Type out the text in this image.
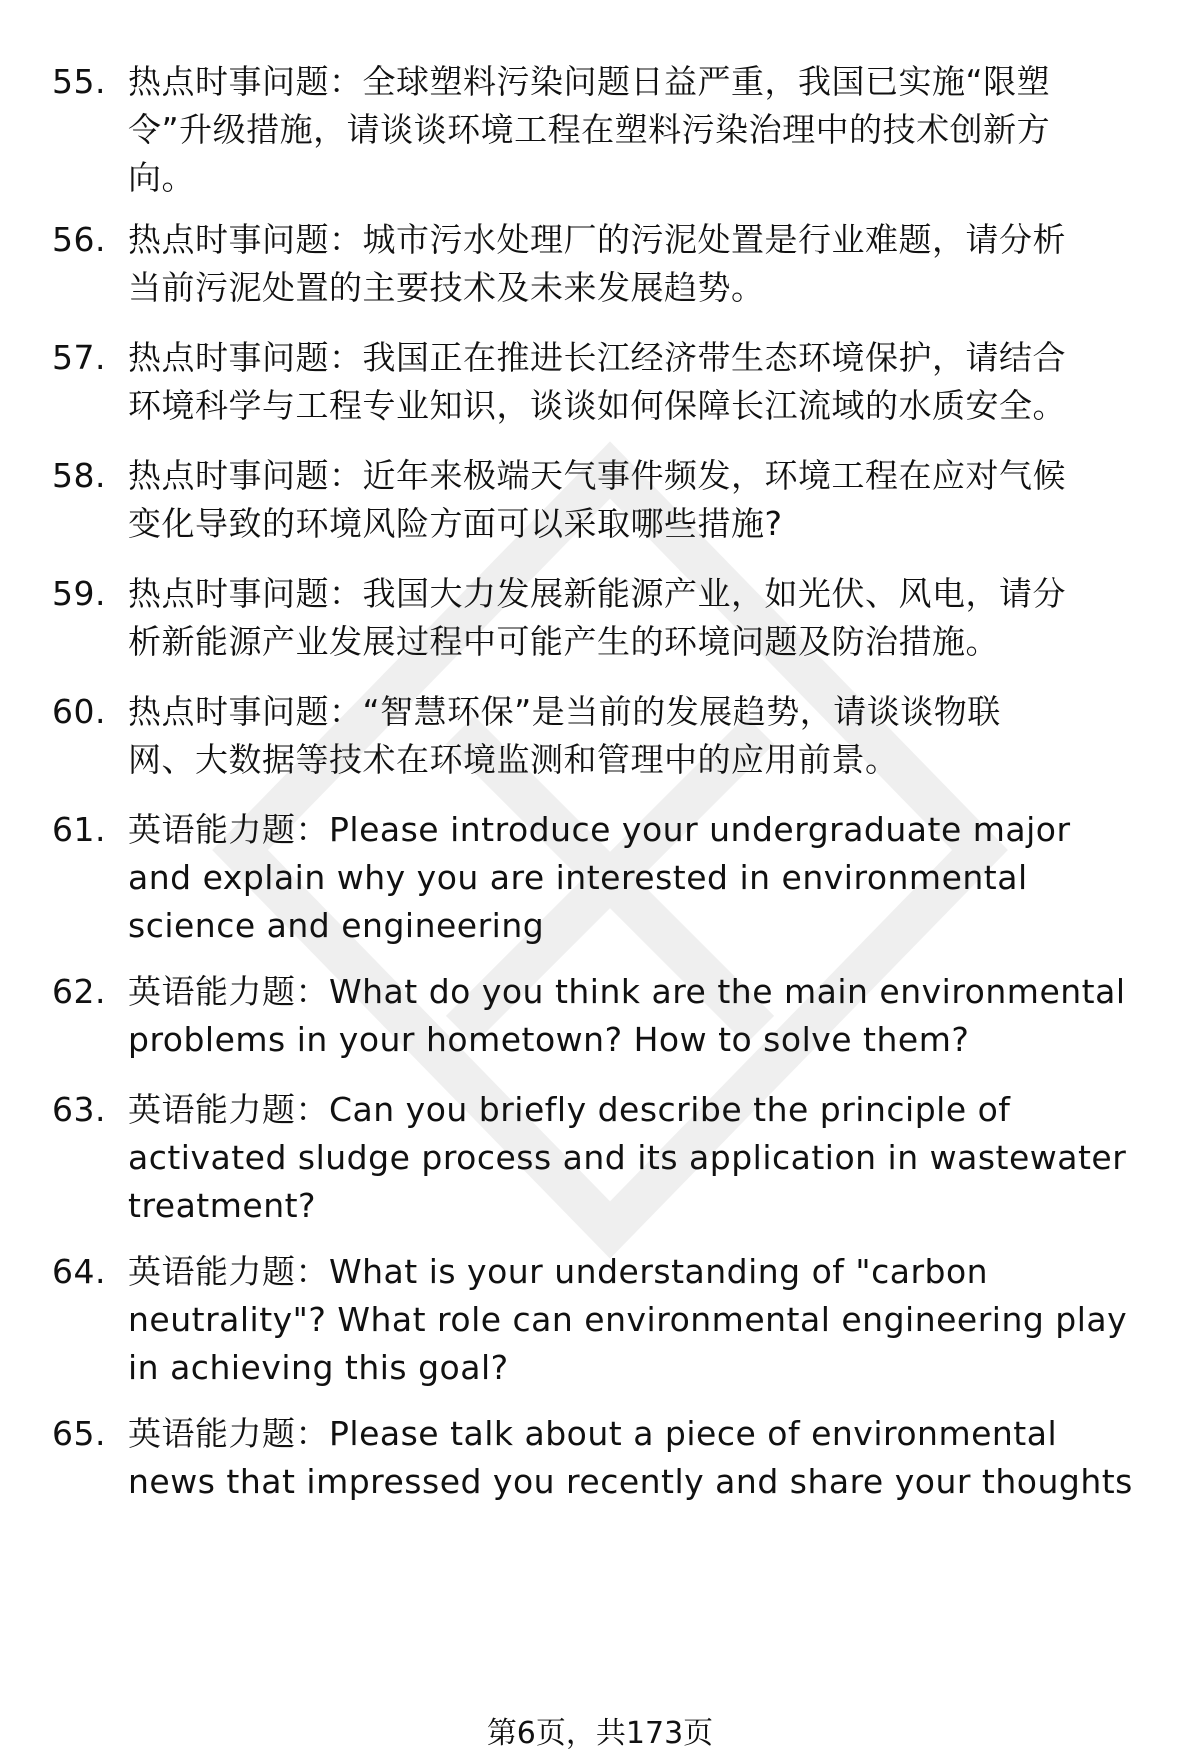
55. 热点时事问题：全球塑料污染问题日益严重，我国已实施“限塑
令”升级措施，请谈谈环境工程在塑料污染治理中的技术创新方
向。
56. 热点时事问题：城市污水处理厂的污泥处置是行业难题，请分析
当前污泥处置的主要技术及未来发展趋势。
57. 热点时事问题：我国正在推进长江经济带生态环境保护，请结合
环境科学与工程专业知识，谈谈如何保障长江流域的水质安全。
58. 热点时事问题：近年来极端天气事件频发，环境工程在应对气候
变化导致的环境风险方面可以采取哪些措施?
59. 热点时事问题：我国大力发展新能源产业，如光伏、风电，请分
析新能源产业发展过程中可能产生的环境问题及防治措施。
60. 热点时事问题：“智慧环保”是当前的发展趋势，请谈谈物联
网、大数据等技术在环境监测和管理中的应用前景。
61. 英语能力题：Please introduce your undergraduate major
and explain why you are interested in environmental
science and engineering
62. 英语能力题：What do you think are the main environmental
problems in your hometown? How to solve them?
63. 英语能力题：Can you briefly describe the principle of
activated sludge process and its application in wastewater
treatment?
64. 英语能力题：What is your understanding of "carbon
neutrality"? What role can environmental engineering play
in achieving this goal?
65. 英语能力题：Please talk about a piece of environmental
news that impressed you recently and share your thoughts
第6页，共173页
